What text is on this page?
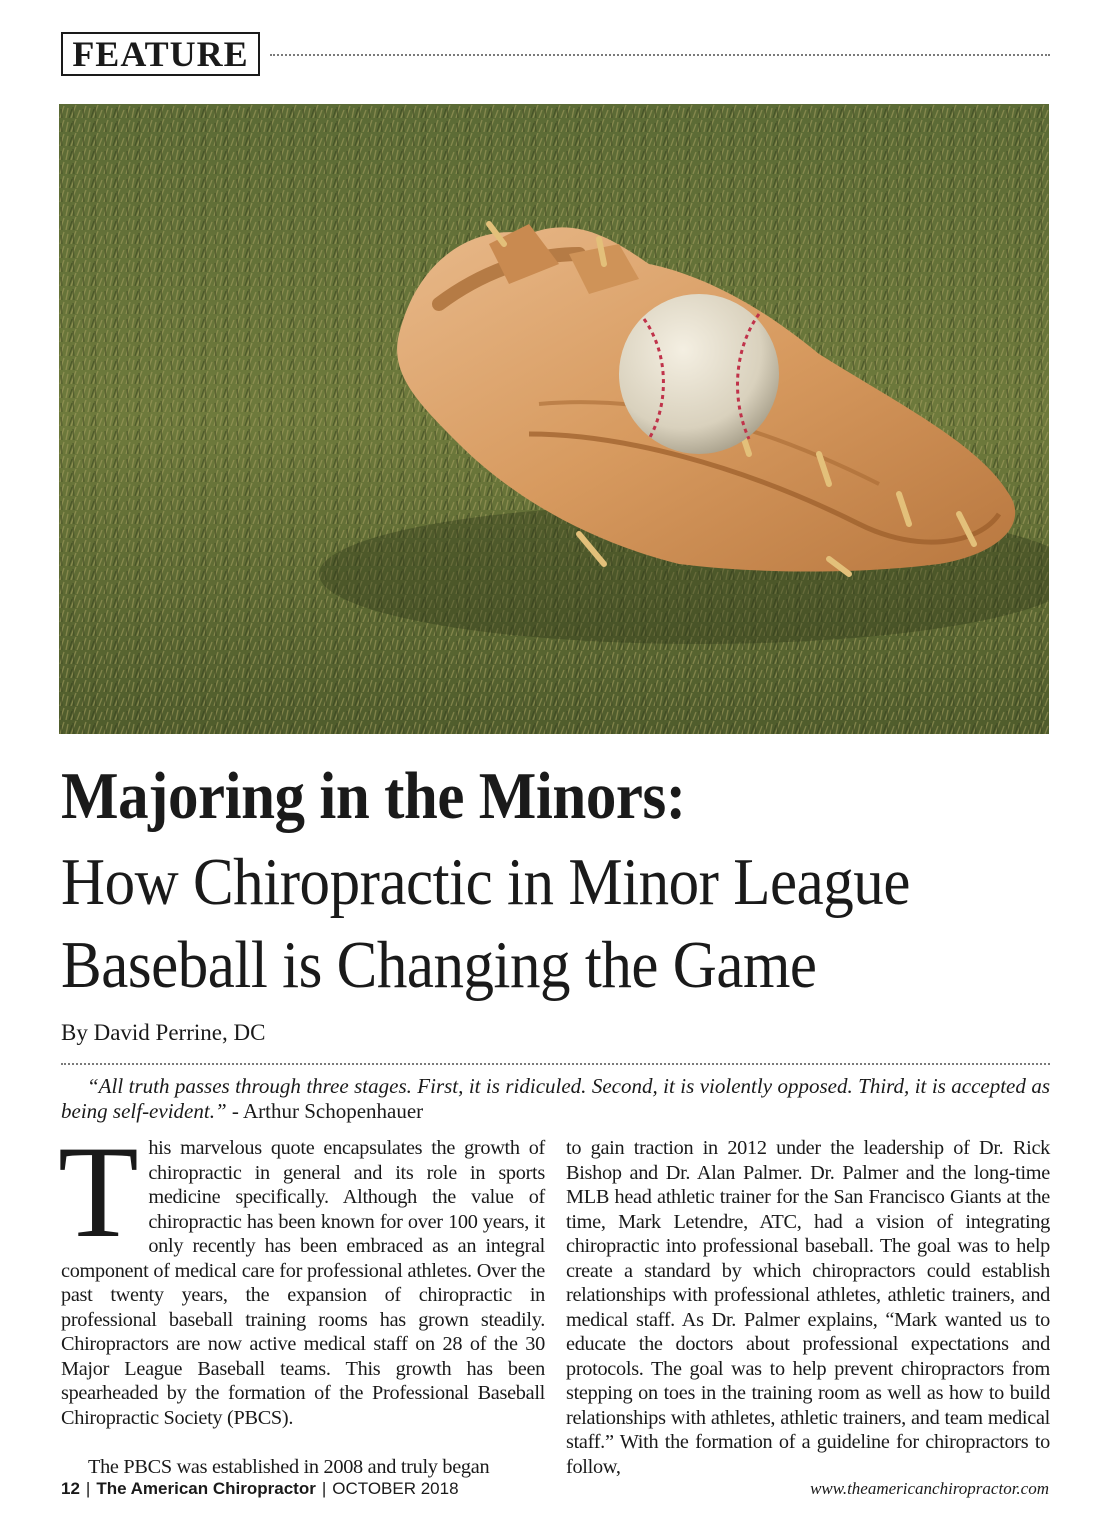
FEATURE
Majoring in the Minors:
How Chiropractic in Minor League
Baseball is Changing the Game
By David Perrine, DC
“All truth passes through three stages. First, it is ridiculed. Second, it is violently opposed. Third, it is accepted as being self-evident.” - Arthur Schopenhauer

This marvelous quote encapsulates the growth of chiropractic in general and its role in sports medicine specifically. Although the value of chiropractic has been known for over 100 years, it only recently has been embraced as an integral component of medical care for professional athletes. Over the past twenty years, the expansion of chiropractic in professional baseball training rooms has grown steadily. Chiropractors are now active medical staff on 28 of the 30 Major League Baseball teams. This growth has been spearheaded by the formation of the Professional Baseball Chiropractic Society (PBCS).

The PBCS was established in 2008 and truly began

to gain traction in 2012 under the leadership of Dr. Rick Bishop and Dr. Alan Palmer. Dr. Palmer and the long-time MLB head athletic trainer for the San Francisco Giants at the time, Mark Letendre, ATC, had a vision of integrating chiropractic into professional baseball. The goal was to help create a standard by which chiropractors could establish relationships with professional athletes, athletic trainers, and medical staff. As Dr. Palmer explains, “Mark wanted us to educate the doctors about professional expectations and protocols. The goal was to help prevent chiropractors from stepping on toes in the training room as well as how to build relationships with athletes, athletic trainers, and team medical staff.” With the formation of a guideline for chiropractors to follow,

12 | The American Chiropractor | OCTOBER 2018	www.theamericanchiropractor.com
